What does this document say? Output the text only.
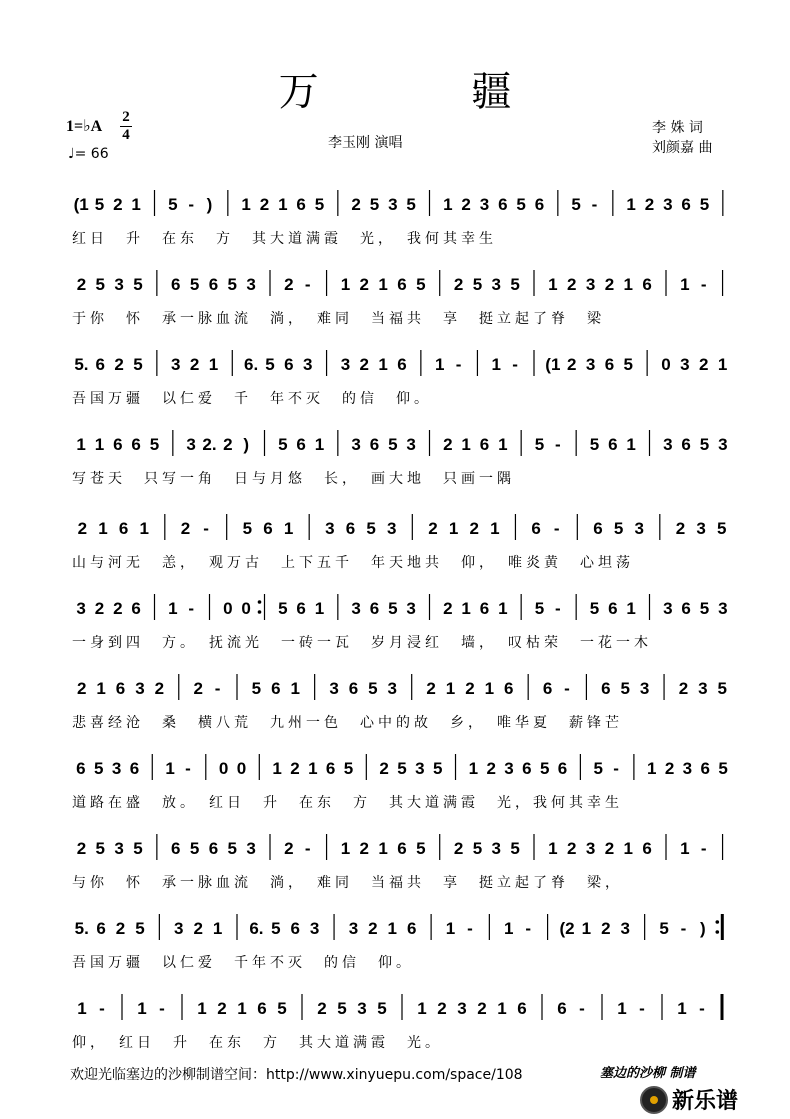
万 疆
1=♭A
2
4
♩= 66
李玉刚 演唱
李 姝 词
刘颜嘉 曲
(1 5 2 1 5 - ) 1 2 1 6 5 2 5 3 5 1 2 3 6 5 6 5 - 1 2 3 6 5
红日　升　在东　方　其大道满霞　光，　我何其幸生
2 5 3 5 6 5 6 5 3 2 - 1 2 1 6 5 2 5 3 5 1 2 3 2 1 6 1 -
于你　怀　承一脉血流　淌，　难同　当福共　享　挺立起了脊　梁
5. 6 2 5 3 2 1 6. 5 6 3 3 2 1 6 1 - 1 - (1 2 3 6 5 0 3 2 1
吾国万疆　以仁爱　千　年不灭　的信　仰。
1 1 6 6 5 3 2. 2 ) 5 6 1 3 6 5 3 2 1 6 1 5 - 5 6 1 3 6 5 3
写苍天　只写一角　日与月悠　长，　画大地　只画一隅
2 1 6 1 2 - 5 6 1 3 6 5 3 2 1 2 1 6 - 6 5 3 2 3 5
山与河无　恙，　观万古　上下五千　年天地共　仰，　唯炎黄　心坦荡
3 2 2 6 1 - 0 0 5 6 1 3 6 5 3 2 1 6 1 5 - 5 6 1 3 6 5 3
一身到四　方。　抚流光　一砖一瓦　岁月浸红　墙，　叹枯荣　一花一木
2 1 6 3 2 2 - 5 6 1 3 6 5 3 2 1 2 1 6 6 - 6 5 3 2 3 5
悲喜经沧　桑　横八荒　九州一色　心中的故　乡，　唯华夏　薪锋芒
6 5 3 6 1 - 0 0 1 2 1 6 5 2 5 3 5 1 2 3 6 5 6 5 - 1 2 3 6 5
道路在盛　放。　红日　升　在东　方　其大道满霞　光，我何其幸生
2 5 3 5 6 5 6 5 3 2 - 1 2 1 6 5 2 5 3 5 1 2 3 2 1 6 1 -
与你　怀　承一脉血流　淌，　难同　当福共　享　挺立起了脊　梁，
5. 6 2 5 3 2 1 6. 5 6 3 3 2 1 6 1 - 1 - (2 1 2 3 5 - )
吾国万疆　以仁爱　千年不灭　的信　仰。
1 - 1 - 1 2 1 6 5 2 5 3 5 1 2 3 2 1 6 6 - 1 - 1 -
仰，　红日　升　在东　方　其大道满霞　光。
欢迎光临塞边的沙柳制谱空间：http://www.xinyuepu.com/space/108	塞边的沙柳 制谱
新乐谱
